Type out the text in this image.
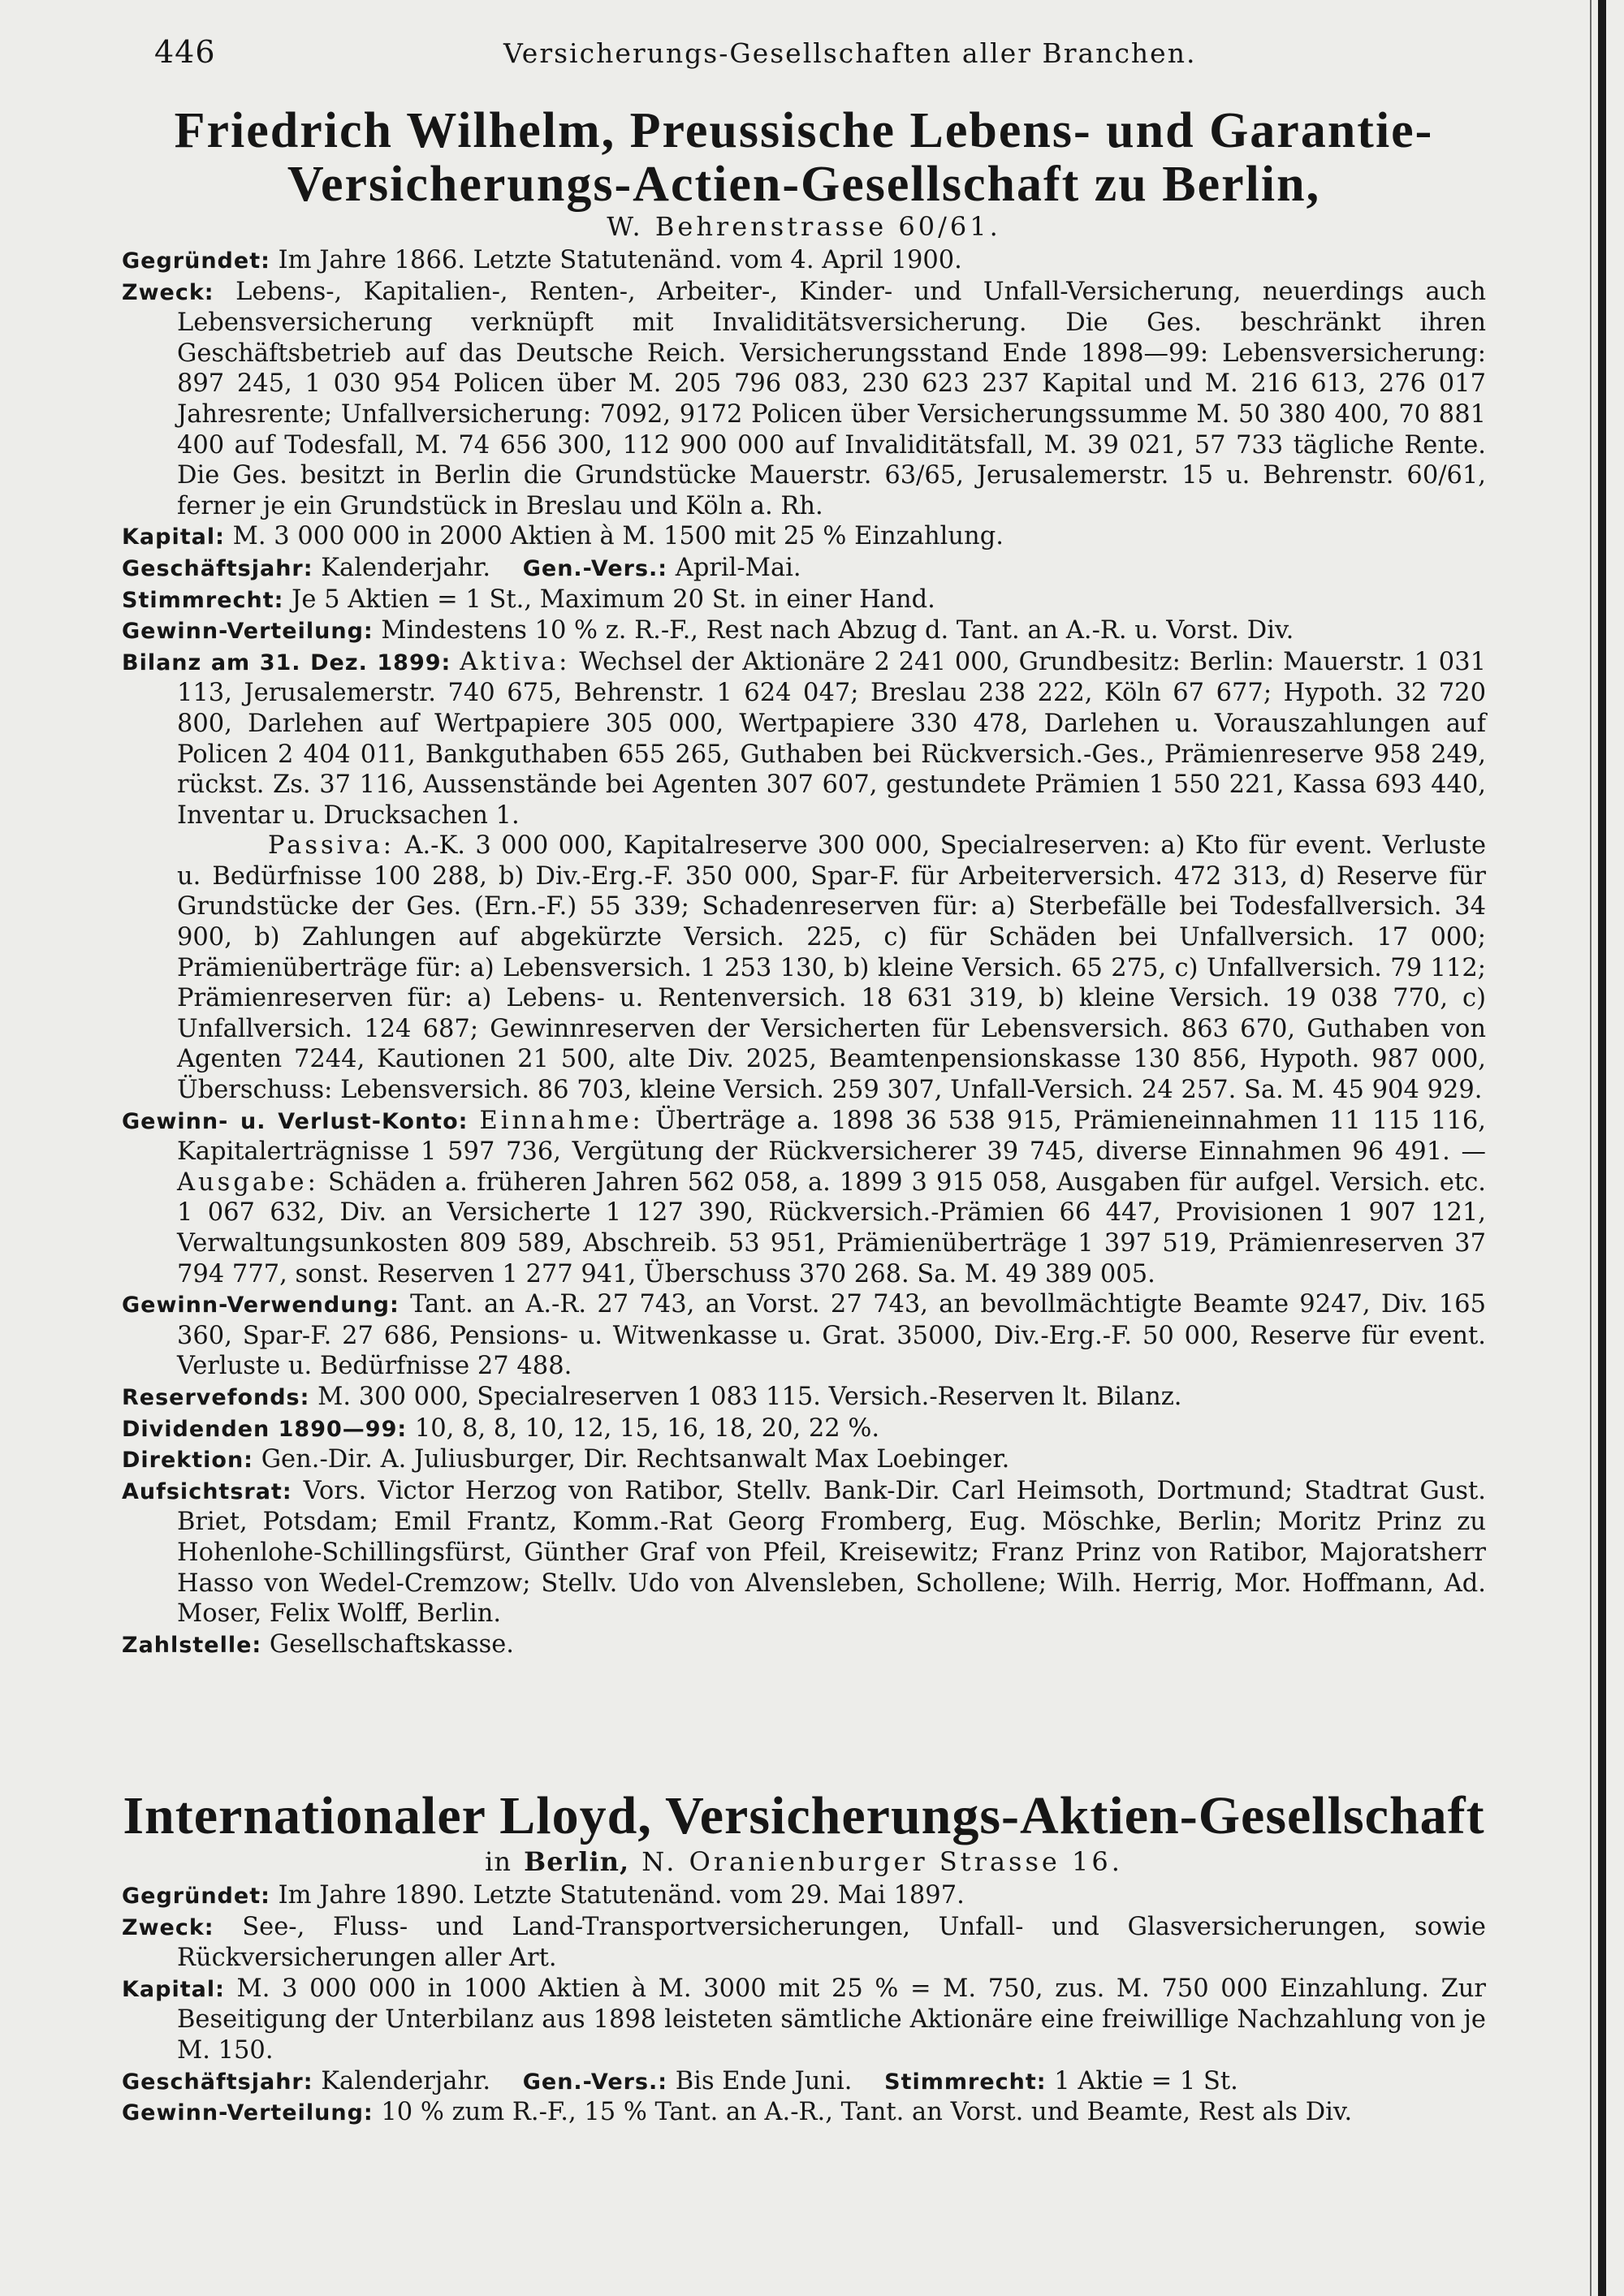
446	Versicherungs-Gesellschaften aller Branchen.
Friedrich Wilhelm, Preussische Lebens- und Garantie-
Versicherungs-Actien-Gesellschaft zu Berlin,
W. Behrenstrasse 60/61.

Gegründet: Im Jahre 1866. Letzte Statutenänd. vom 4. April 1900.

Zweck: Lebens-, Kapitalien-, Renten-, Arbeiter-, Kinder- und Unfall-Versicherung, neuerdings auch Lebensversicherung verknüpft mit Invaliditätsversicherung. Die Ges. beschränkt ihren Geschäftsbetrieb auf das Deutsche Reich. Versicherungsstand Ende 1898—99: Lebensversicherung: 897 245, 1 030 954 Policen über M. 205 796 083, 230 623 237 Kapital und M. 216 613, 276 017 Jahresrente; Unfallversicherung: 7092, 9172 Policen über Versicherungssumme M. 50 380 400, 70 881 400 auf Todesfall, M. 74 656 300, 112 900 000 auf Invaliditätsfall, M. 39 021, 57 733 tägliche Rente. Die Ges. besitzt in Berlin die Grundstücke Mauerstr. 63/65, Jerusalemerstr. 15 u. Behrenstr. 60/61, ferner je ein Grundstück in Breslau und Köln a. Rh.

Kapital: M. 3 000 000 in 2000 Aktien à M. 1500 mit 25 % Einzahlung.

Geschäftsjahr: Kalenderjahr. Gen.-Vers.: April-Mai.

Stimmrecht: Je 5 Aktien = 1 St., Maximum 20 St. in einer Hand.

Gewinn-Verteilung: Mindestens 10 % z. R.-F., Rest nach Abzug d. Tant. an A.-R. u. Vorst. Div.

Bilanz am 31. Dez. 1899: Aktiva: Wechsel der Aktionäre 2 241 000, Grundbesitz: Berlin: Mauerstr. 1 031 113, Jerusalemerstr. 740 675, Behrenstr. 1 624 047; Breslau 238 222, Köln 67 677; Hypoth. 32 720 800, Darlehen auf Wertpapiere 305 000, Wertpapiere 330 478, Darlehen u. Vorauszahlungen auf Policen 2 404 011, Bankguthaben 655 265, Guthaben bei Rückversich.-Ges., Prämienreserve 958 249, rückst. Zs. 37 116, Aussenstände bei Agenten 307 607, gestundete Prämien 1 550 221, Kassa 693 440, Inventar u. Drucksachen 1.

Passiva: A.-K. 3 000 000, Kapitalreserve 300 000, Specialreserven: a) Kto für event. Verluste u. Bedürfnisse 100 288, b) Div.-Erg.-F. 350 000, Spar-F. für Arbeiterversich. 472 313, d) Reserve für Grundstücke der Ges. (Ern.-F.) 55 339; Schadenreserven für: a) Sterbefälle bei Todesfallversich. 34 900, b) Zahlungen auf abgekürzte Versich. 225, c) für Schäden bei Unfallversich. 17 000; Prämienüberträge für: a) Lebensversich. 1 253 130, b) kleine Versich. 65 275, c) Unfallversich. 79 112; Prämienreserven für: a) Lebens- u. Rentenversich. 18 631 319, b) kleine Versich. 19 038 770, c) Unfallversich. 124 687; Gewinnreserven der Versicherten für Lebensversich. 863 670, Guthaben von Agenten 7244, Kautionen 21 500, alte Div. 2025, Beamtenpensionskasse 130 856, Hypoth. 987 000, Überschuss: Lebensversich. 86 703, kleine Versich. 259 307, Unfall-Versich. 24 257. Sa. M. 45 904 929.

Gewinn- u. Verlust-Konto: Einnahme: Überträge a. 1898 36 538 915, Prämieneinnahmen 11 115 116, Kapitalerträgnisse 1 597 736, Vergütung der Rückversicherer 39 745, diverse Einnahmen 96 491. — Ausgabe: Schäden a. früheren Jahren 562 058, a. 1899 3 915 058, Ausgaben für aufgel. Versich. etc. 1 067 632, Div. an Versicherte 1 127 390, Rückversich.-Prämien 66 447, Provisionen 1 907 121, Verwaltungsunkosten 809 589, Abschreib. 53 951, Prämienüberträge 1 397 519, Prämienreserven 37 794 777, sonst. Reserven 1 277 941, Überschuss 370 268. Sa. M. 49 389 005.

Gewinn-Verwendung: Tant. an A.-R. 27 743, an Vorst. 27 743, an bevollmächtigte Beamte 9247, Div. 165 360, Spar-F. 27 686, Pensions- u. Witwenkasse u. Grat. 35000, Div.-Erg.-F. 50 000, Reserve für event. Verluste u. Bedürfnisse 27 488.

Reservefonds: M. 300 000, Specialreserven 1 083 115. Versich.-Reserven lt. Bilanz.

Dividenden 1890—99: 10, 8, 8, 10, 12, 15, 16, 18, 20, 22 %.

Direktion: Gen.-Dir. A. Juliusburger, Dir. Rechtsanwalt Max Loebinger.

Aufsichtsrat: Vors. Victor Herzog von Ratibor, Stellv. Bank-Dir. Carl Heimsoth, Dortmund; Stadtrat Gust. Briet, Potsdam; Emil Frantz, Komm.-Rat Georg Fromberg, Eug. Möschke, Berlin; Moritz Prinz zu Hohenlohe-Schillingsfürst, Günther Graf von Pfeil, Kreisewitz; Franz Prinz von Ratibor, Majoratsherr Hasso von Wedel-Cremzow; Stellv. Udo von Alvensleben, Schollene; Wilh. Herrig, Mor. Hoffmann, Ad. Moser, Felix Wolff, Berlin.

Zahlstelle: Gesellschaftskasse.

Internationaler Lloyd, Versicherungs-Aktien-Gesellschaft
in Berlin, N. Oranienburger Strasse 16.

Gegründet: Im Jahre 1890. Letzte Statutenänd. vom 29. Mai 1897.

Zweck: See-, Fluss- und Land-Transportversicherungen, Unfall- und Glasversicherungen, sowie Rückversicherungen aller Art.

Kapital: M. 3 000 000 in 1000 Aktien à M. 3000 mit 25 % = M. 750, zus. M. 750 000 Einzahlung. Zur Beseitigung der Unterbilanz aus 1898 leisteten sämtliche Aktionäre eine freiwillige Nachzahlung von je M. 150.

Geschäftsjahr: Kalenderjahr. Gen.-Vers.: Bis Ende Juni. Stimmrecht: 1 Aktie = 1 St.

Gewinn-Verteilung: 10 % zum R.-F., 15 % Tant. an A.-R., Tant. an Vorst. und Beamte, Rest als Div.
